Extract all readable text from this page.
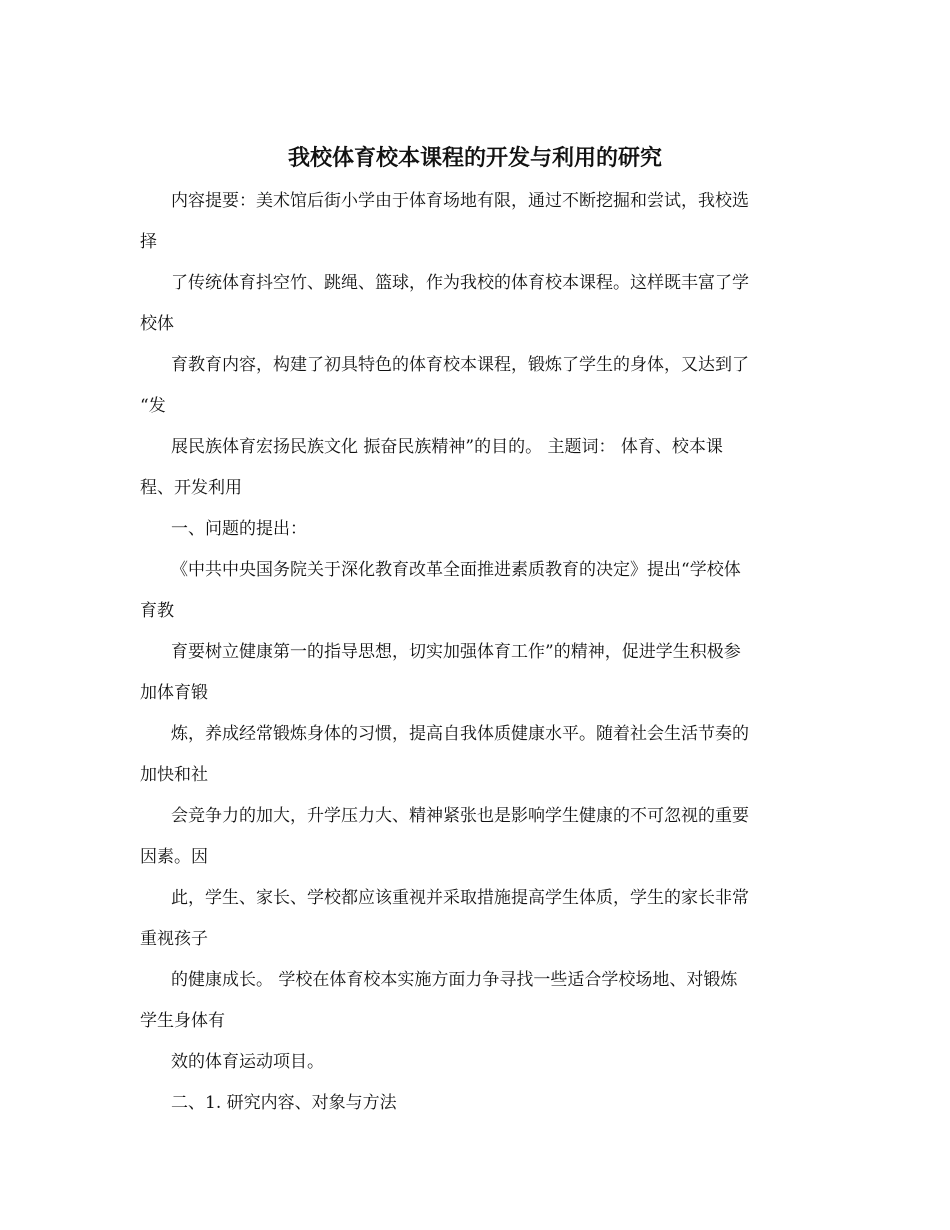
我校体育校本课程的开发与利用的研究
内容提要：美术馆后街小学由于体育场地有限，通过不断挖掘和尝试，我校选
择
了传统体育抖空竹、跳绳、篮球，作为我校的体育校本课程。这样既丰富了学
校体
育教育内容，构建了初具特色的体育校本课程，锻炼了学生的身体，又达到了
“发
展民族体育宏扬民族文化 振奋民族精神”的目的。 主题词： 体育、校本课
程、开发利用
一、问题的提出：
《中共中央国务院关于深化教育改革全面推进素质教育的决定》提出“学校体
育教
育要树立健康第一的指导思想，切实加强体育工作”的精神，促进学生积极参
加体育锻
炼，养成经常锻炼身体的习惯，提高自我体质健康水平。随着社会生活节奏的
加快和社
会竞争力的加大，升学压力大、精神紧张也是影响学生健康的不可忽视的重要
因素。因
此，学生、家长、学校都应该重视并采取措施提高学生体质，学生的家长非常
重视孩子
的健康成长。 学校在体育校本实施方面力争寻找一些适合学校场地、对锻炼
学生身体有
效的体育运动项目。
二、1. 研究内容、对象与方法
